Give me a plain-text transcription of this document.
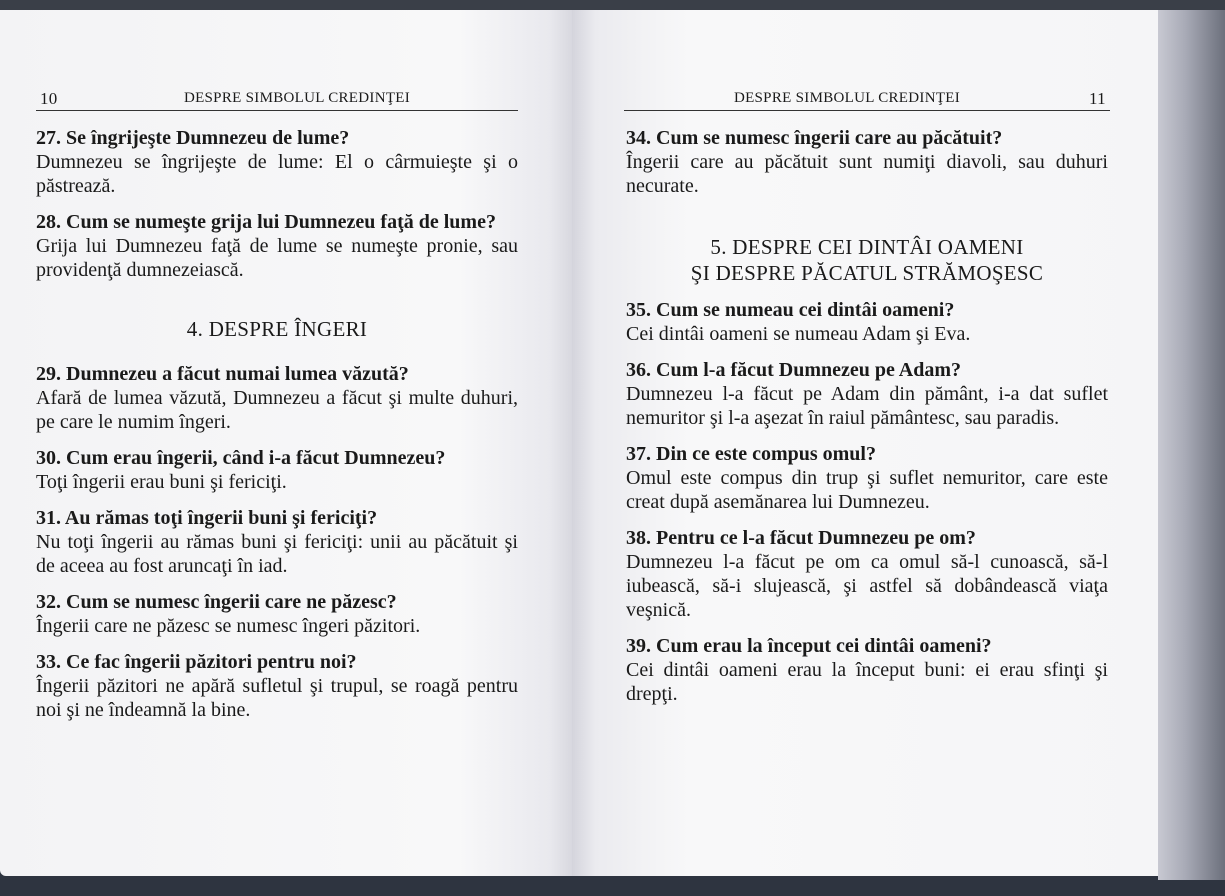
10	DESPRE SIMBOLUL CREDINŢEI	DESPRE SIMBOLUL CREDINŢEI	11
27. Se îngrijeşte Dumnezeu de lume?
Dumnezeu se îngrijeşte de lume: El o cârmuieşte şi o păstrează.
28. Cum se numeşte grija lui Dumnezeu faţă de lume?
Grija lui Dumnezeu faţă de lume se numeşte pronie, sau providenţă dumnezeiască.
4. DESPRE ÎNGERI
29. Dumnezeu a făcut numai lumea văzută?
Afară de lumea văzută, Dumnezeu a făcut şi multe duhuri, pe care le numim îngeri.
30. Cum erau îngerii, când i-a făcut Dumnezeu?
Toţi îngerii erau buni şi fericiţi.
31. Au rămas toţi îngerii buni şi fericiţi?
Nu toţi îngerii au rămas buni şi fericiţi: unii au păcătuit şi de aceea au fost aruncaţi în iad.
32. Cum se numesc îngerii care ne păzesc?
Îngerii care ne păzesc se numesc îngeri păzitori.
33. Ce fac îngerii păzitori pentru noi?
Îngerii păzitori ne apără sufletul şi trupul, se roagă pentru noi şi ne îndeamnă la bine.
34. Cum se numesc îngerii care au păcătuit?
Îngerii care au păcătuit sunt numiţi diavoli, sau duhuri necurate.
5. DESPRE CEI DINTÂI OAMENI
ŞI DESPRE PĂCATUL STRĂMOŞESC
35. Cum se numeau cei dintâi oameni?
Cei dintâi oameni se numeau Adam şi Eva.
36. Cum l-a făcut Dumnezeu pe Adam?
Dumnezeu l-a făcut pe Adam din pământ, i-a dat suflet nemuritor şi l-a aşezat în raiul pământesc, sau paradis.
37. Din ce este compus omul?
Omul este compus din trup şi suflet nemuritor, care este creat după asemănarea lui Dumnezeu.
38. Pentru ce l-a făcut Dumnezeu pe om?
Dumnezeu l-a făcut pe om ca omul să-l cunoască, să-l iubească, să-i slujească, şi astfel să dobândească viaţa veşnică.
39. Cum erau la început cei dintâi oameni?
Cei dintâi oameni erau la început buni: ei erau sfinţi şi drepţi.
